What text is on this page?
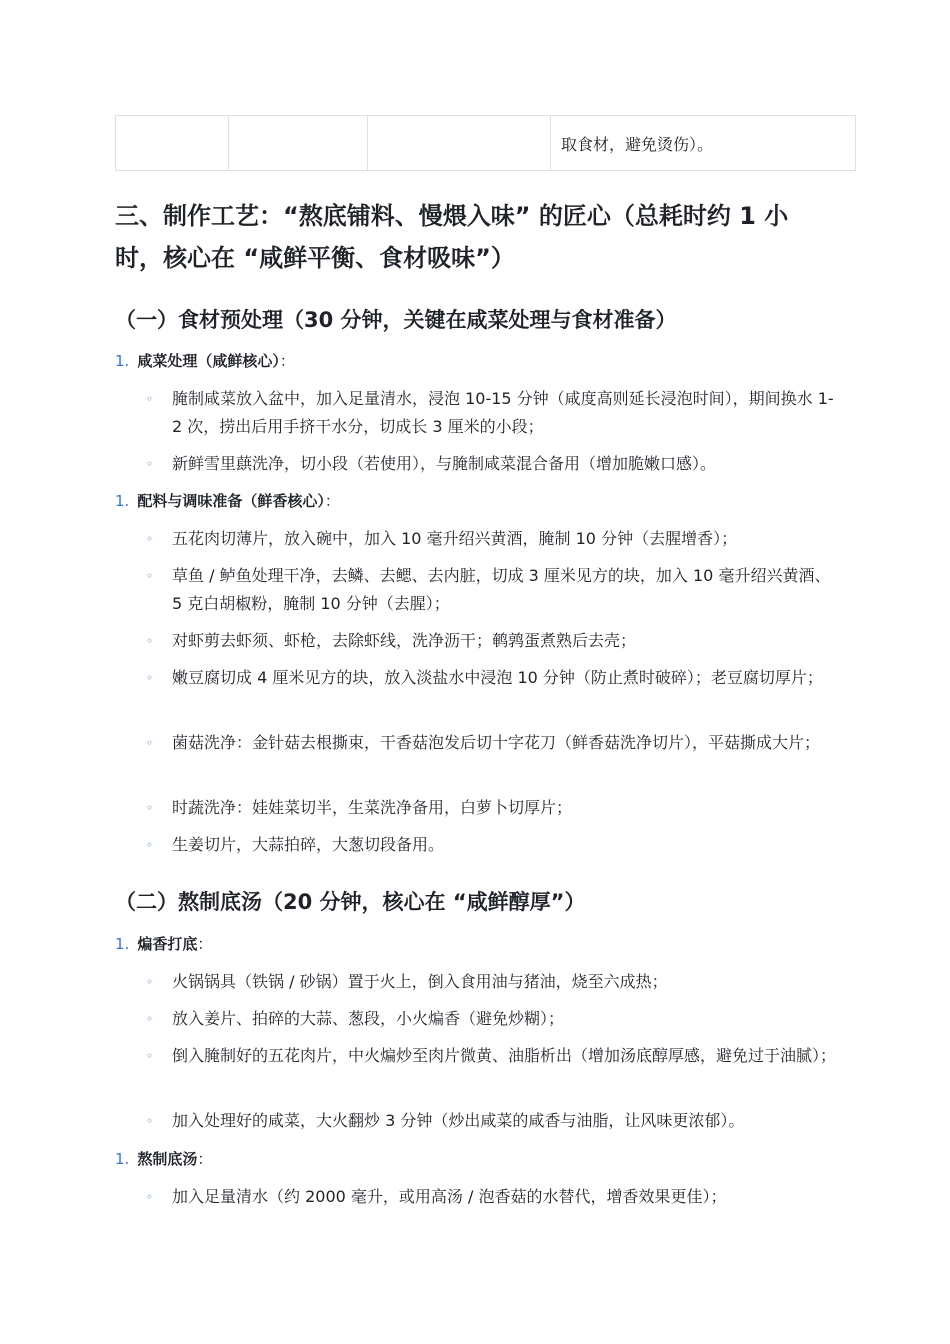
			取食材，避免烫伤）。
三、制作工艺：“熬底铺料、慢煨入味” 的匠心（总耗时约 1 小时，核心在 “咸鲜平衡、食材吸味”）
（一）食材预处理（30 分钟，关键在咸菜处理与食材准备）
1. 咸菜处理（咸鲜核心）：
◦ 腌制咸菜放入盆中，加入足量清水，浸泡 10-15 分钟（咸度高则延长浸泡时间），期间换水 1-2 次，捞出后用手挤干水分，切成长 3 厘米的小段；
◦ 新鲜雪里蕻洗净，切小段（若使用），与腌制咸菜混合备用（增加脆嫩口感）。
1. 配料与调味准备（鲜香核心）：
◦ 五花肉切薄片，放入碗中，加入 10 毫升绍兴黄酒，腌制 10 分钟（去腥增香）；
◦ 草鱼 / 鲈鱼处理干净，去鳞、去鳃、去内脏，切成 3 厘米见方的块，加入 10 毫升绍兴黄酒、5 克白胡椒粉，腌制 10 分钟（去腥）；
◦ 对虾剪去虾须、虾枪，去除虾线，洗净沥干；鹌鹑蛋煮熟后去壳；
◦ 嫩豆腐切成 4 厘米见方的块，放入淡盐水中浸泡 10 分钟（防止煮时破碎）；老豆腐切厚片；
◦ 菌菇洗净：金针菇去根撕束，干香菇泡发后切十字花刀（鲜香菇洗净切片），平菇撕成大片；
◦ 时蔬洗净：娃娃菜切半，生菜洗净备用，白萝卜切厚片；
◦ 生姜切片，大蒜拍碎，大葱切段备用。
（二）熬制底汤（20 分钟，核心在 “咸鲜醇厚”）
1. 煸香打底：
◦ 火锅锅具（铁锅 / 砂锅）置于火上，倒入食用油与猪油，烧至六成热；
◦ 放入姜片、拍碎的大蒜、葱段，小火煸香（避免炒糊）；
◦ 倒入腌制好的五花肉片，中火煸炒至肉片微黄、油脂析出（增加汤底醇厚感，避免过于油腻）；
◦ 加入处理好的咸菜，大火翻炒 3 分钟（炒出咸菜的咸香与油脂，让风味更浓郁）。
1. 熬制底汤：
◦ 加入足量清水（约 2000 毫升，或用高汤 / 泡香菇的水替代，增香效果更佳）；
